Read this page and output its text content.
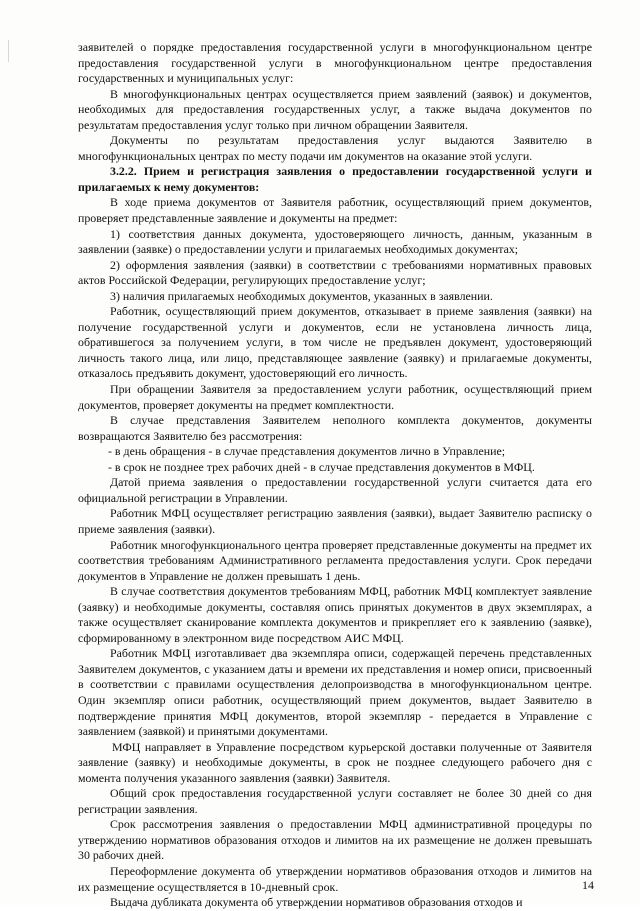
заявителей о порядке предоставления государственной услуги в многофункциональном центре предоставления государственной услуги в многофункциональном центре предоставления государственных и муниципальных услуг:

В многофункциональных центрах осуществляется прием заявлений (заявок) и документов, необходимых для предоставления государственных услуг, а также выдача документов по результатам предоставления услуг только при личном обращении Заявителя.

Документы по результатам предоставления услуг выдаются Заявителю в многофункциональных центрах по месту подачи им документов на оказание этой услуги.

3.2.2. Прием и регистрация заявления о предоставлении государственной услуги и прилагаемых к нему документов:

В ходе приема документов от Заявителя работник, осуществляющий прием документов, проверяет представленные заявление и документы на предмет:

1) соответствия данных документа, удостоверяющего личность, данным, указанным в заявлении (заявке) о предоставлении услуги и прилагаемых необходимых документах;

2) оформления заявления (заявки) в соответствии с требованиями нормативных правовых актов Российской Федерации, регулирующих предоставление услуг;

3) наличия прилагаемых необходимых документов, указанных в заявлении.

Работник, осуществляющий прием документов, отказывает в приеме заявления (заявки) на получение государственной услуги и документов, если не установлена личность лица, обратившегося за получением услуги, в том числе не предъявлен документ, удостоверяющий личность такого лица, или лицо, представляющее заявление (заявку) и прилагаемые документы, отказалось предъявить документ, удостоверяющий его личность.

При обращении Заявителя за предоставлением услуги работник, осуществляющий прием документов, проверяет документы на предмет комплектности.

В случае представления Заявителем неполного комплекта документов, документы возвращаются Заявителю без рассмотрения:

- в день обращения - в случае представления документов лично в Управление;

- в срок не позднее трех рабочих дней - в случае представления документов в МФЦ.

Датой приема заявления о предоставлении государственной услуги считается дата его официальной регистрации в Управлении.

Работник МФЦ осуществляет регистрацию заявления (заявки), выдает Заявителю расписку о приеме заявления (заявки).

Работник многофункционального центра проверяет представленные документы на предмет их соответствия требованиям Административного регламента предоставления услуги. Срок передачи документов в Управление не должен превышать 1 день.

В случае соответствия документов требованиям МФЦ, работник МФЦ комплектует заявление (заявку) и необходимые документы, составляя опись принятых документов в двух экземплярах, а также осуществляет сканирование комплекта документов и прикрепляет его к заявлению (заявке), сформированному в электронном виде посредством АИС МФЦ.

Работник МФЦ изготавливает два экземпляра описи, содержащей перечень представленных Заявителем документов, с указанием даты и времени их представления и номер описи, присвоенный в соответствии с правилами осуществления делопроизводства в многофункциональном центре. Один экземпляр описи работник, осуществляющий прием документов, выдает Заявителю в подтверждение принятия МФЦ документов, второй экземпляр - передается в Управление с заявлением (заявкой) и принятыми документами.

МФЦ направляет в Управление посредством курьерской доставки полученные от Заявителя заявление (заявку) и необходимые документы, в срок не позднее следующего рабочего дня с момента получения указанного заявления (заявки) Заявителя.

Общий срок предоставления государственной услуги составляет не более 30 дней со дня регистрации заявления.

Срок рассмотрения заявления о предоставлении МФЦ административной процедуры по утверждению нормативов образования отходов и лимитов на их размещение не должен превышать 30 рабочих дней.

Переоформление документа об утверждении нормативов образования отходов и лимитов на их размещение осуществляется в 10-дневный срок.

Выдача дубликата документа об утверждении нормативов образования отходов и

14
